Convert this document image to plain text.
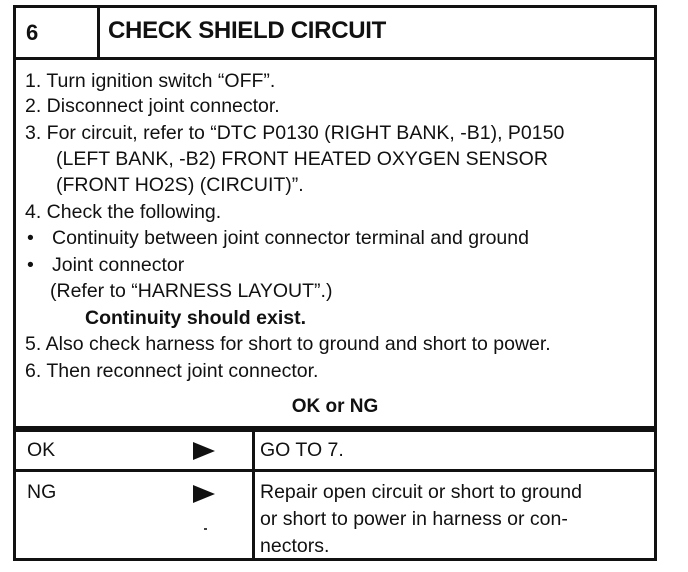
6	CHECK SHIELD CIRCUIT
1. Turn ignition switch “OFF”.
2. Disconnect joint connector.
3. For circuit, refer to “DTC P0130 (RIGHT BANK, -B1), P0150
(LEFT BANK, -B2) FRONT HEATED OXYGEN SENSOR
(FRONT HO2S) (CIRCUIT)”.
4. Check the following.
• Continuity between joint connector terminal and ground
• Joint connector
(Refer to “HARNESS LAYOUT”.)
Continuity should exist.
5. Also check harness for short to ground and short to power.
6. Then reconnect joint connector.
OK or NG
OK	GO TO 7.
NG	Repair open circuit or short to ground
or short to power in harness or con-
nectors.
